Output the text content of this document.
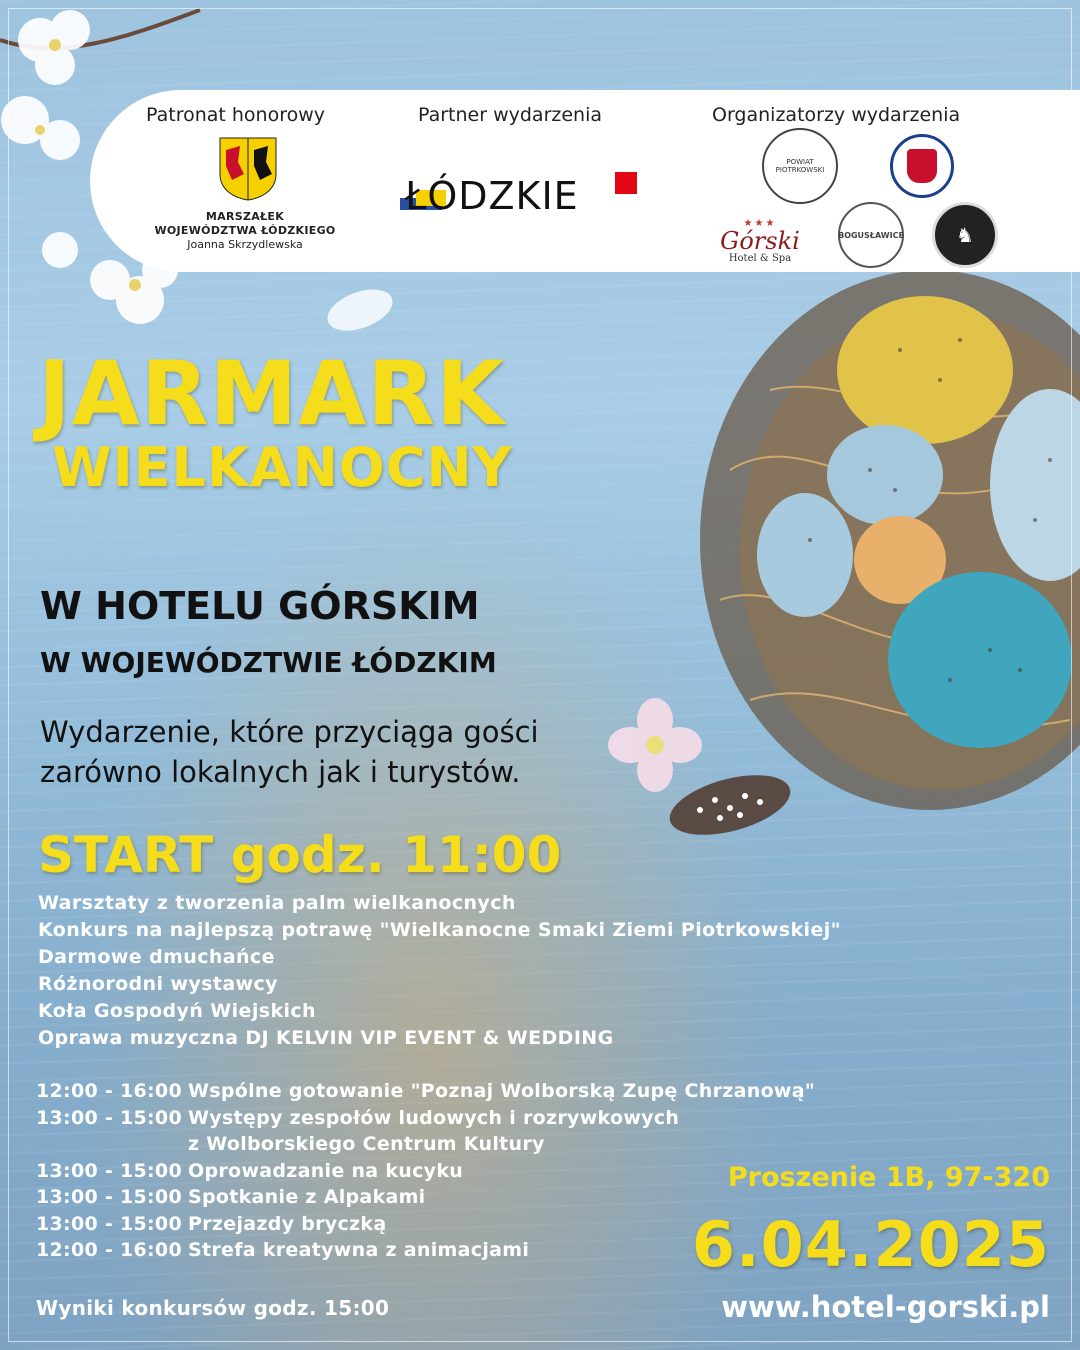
Patronat honorowy	Partner wydarzenia	Organizatorzy wydarzenia
MARSZAŁEK
WOJEWÓDZTWA ŁÓDZKIEGO
Joanna Skrzydlewska
ŁÓDZKIE
POWIAT PIOTRKOWSKI
★★★
Górski
Hotel & Spa
BOGUSŁAWICE	♞
JARMARK
WIELKANOCNY
W HOTELU GÓRSKIM
W WOJEWÓDZTWIE ŁÓDZKIM
Wydarzenie, które przyciąga gości
zarówno lokalnych jak i turystów.
START godz. 11:00
Warsztaty z tworzenia palm wielkanocnych
Konkurs na najlepszą potrawę "Wielkanocne Smaki Ziemi Piotrkowskiej"
Darmowe dmuchańce
Różnorodni wystawcy
Koła Gospodyń Wiejskich
Oprawa muzyczna DJ KELVIN VIP EVENT & WEDDING
12:00 - 16:00 Wspólne gotowanie "Poznaj Wolborską Zupę Chrzanową"
13:00 - 15:00 Występy zespołów ludowych i rozrywkowych
z Wolborskiego Centrum Kultury
13:00 - 15:00 Oprowadzanie na kucyku
13:00 - 15:00 Spotkanie z Alpakami
13:00 - 15:00 Przejazdy bryczką
12:00 - 16:00 Strefa kreatywna z animacjami
Wyniki konkursów godz. 15:00
Proszenie 1B, 97-320
6.04.2025
www.hotel-gorski.pl
